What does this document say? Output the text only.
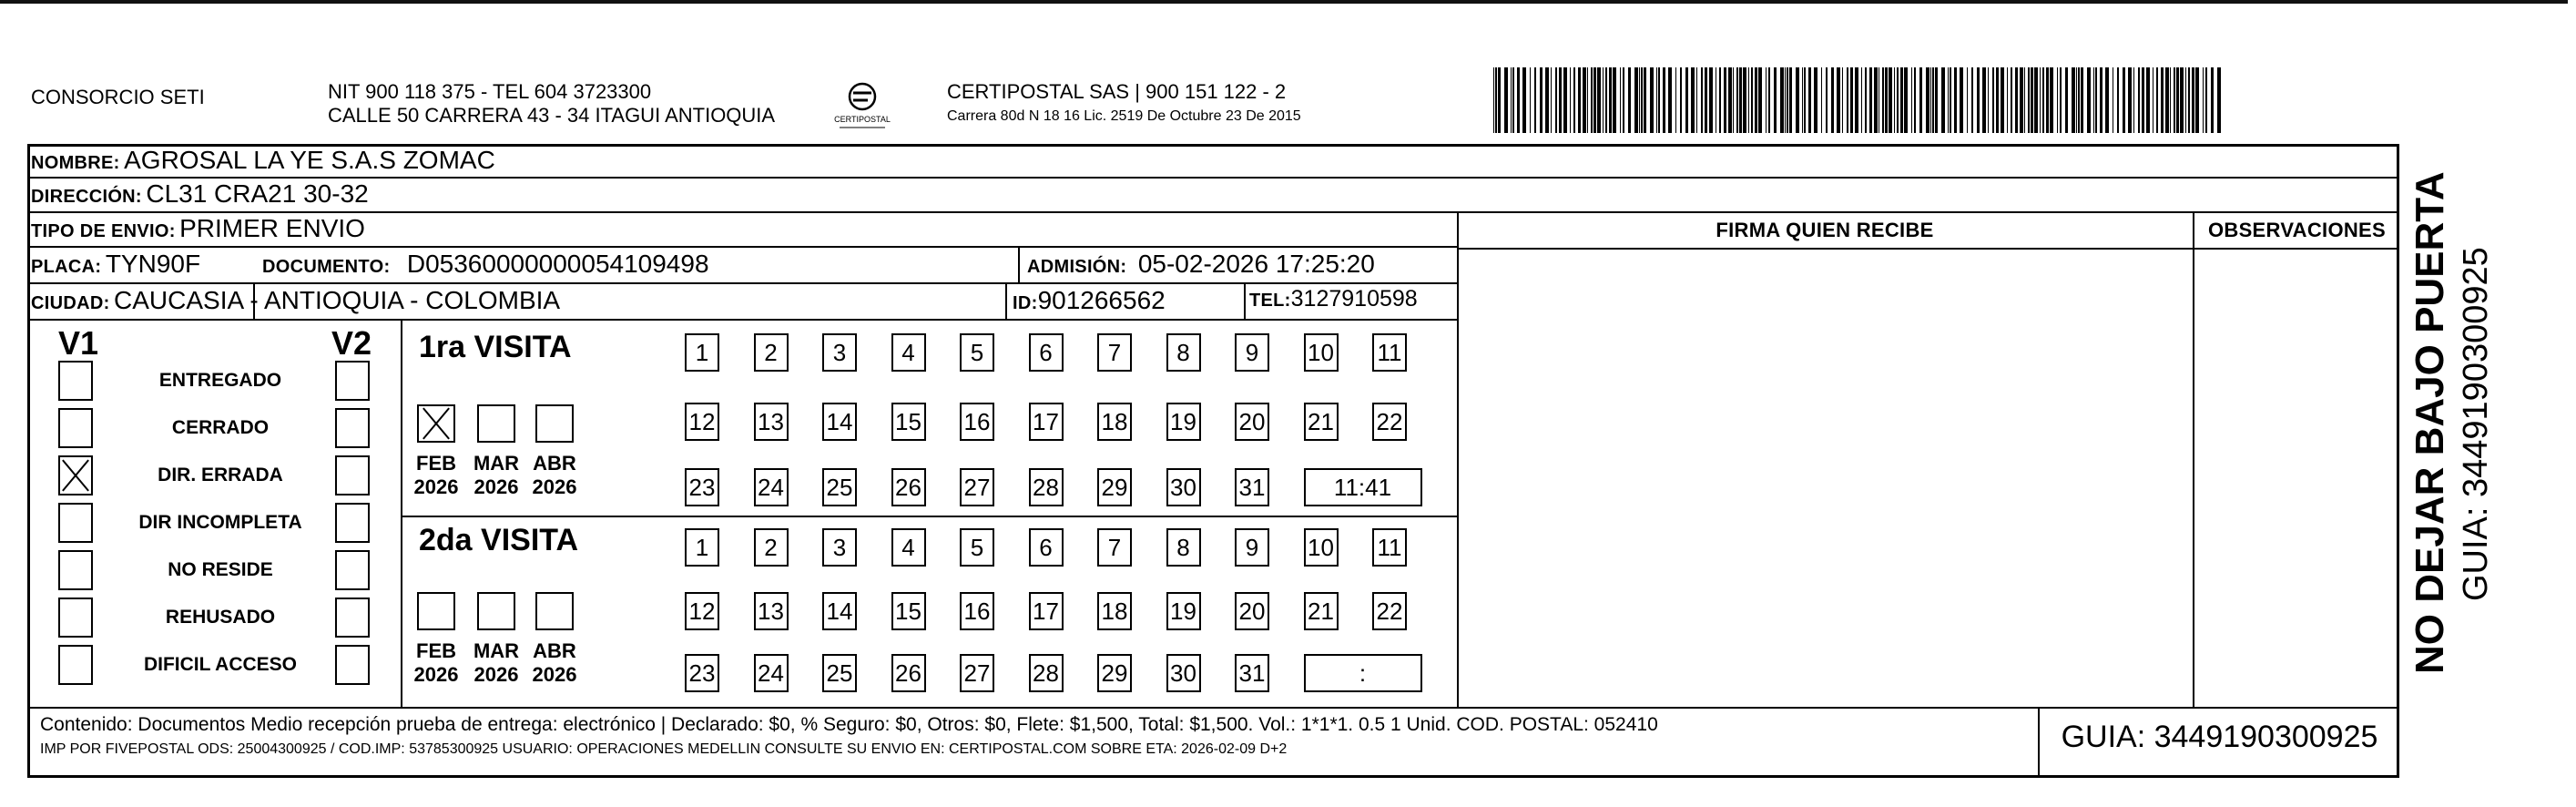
CONSORCIO SETI	NIT 900 118 375 - TEL 604 3723300
CALLE 50 CARRERA 43 - 34 ITAGUI ANTIOQUIA	CERTIPOSTAL
CERTIPOSTAL SAS | 900 151 122 - 2
Carrera 80d N 18 16 Lic. 2519 De Octubre 23 De 2015
NOMBRE: AGROSAL LA YE S.A.S ZOMAC
DIRECCIÓN: CL31 CRA21 30-32
TIPO DE ENVIO: PRIMER ENVIO
PLACA: TYN90F	DOCUMENTO: D05360000000054109498	ADMISIÓN: 05-02-2026 17:25:20
CIUDAD: CAUCASIA - ANTIOQUIA - COLOMBIA	ID:901266562	TEL:3127910598
FIRMA QUIEN RECIBE	OBSERVACIONES
V1	V2
ENTREGADO
CERRADO
DIR. ERRADA
DIR INCOMPLETA
NO RESIDE
REHUSADO
DIFICIL ACCESO
1ra VISITA
2da VISITA
FEB
2026
MAR
2026
ABR
2026
FEB
2026
MAR
2026
ABR
2026
1	2	3	4	5	6	7	8	9	10 11
12 13 14 15 16 17 18 19 20 21 22
23 24 25 26 27 28 29 30 31	11:41
1	2	3	4	5	6	7	8	9	10 11
12 13 14 15 16 17 18 19 20 21 22
23 24 25 26 27 28 29 30 31	:
Contenido: Documentos Medio recepción prueba de entrega: electrónico | Declarado: $0, % Seguro: $0, Otros: $0, Flete: $1,500, Total: $1,500. Vol.: 1*1*1. 0.5 1 Unid. COD. POSTAL: 052410
IMP POR FIVEPOSTAL ODS: 25004300925 / COD.IMP: 53785300925 USUARIO: OPERACIONES MEDELLIN CONSULTE SU ENVIO EN: CERTIPOSTAL.COM SOBRE ETA: 2026-02-09 D+2	GUIA: 3449190300925
NO DEJAR BAJO PUERTA GUIA: 3449190300925
